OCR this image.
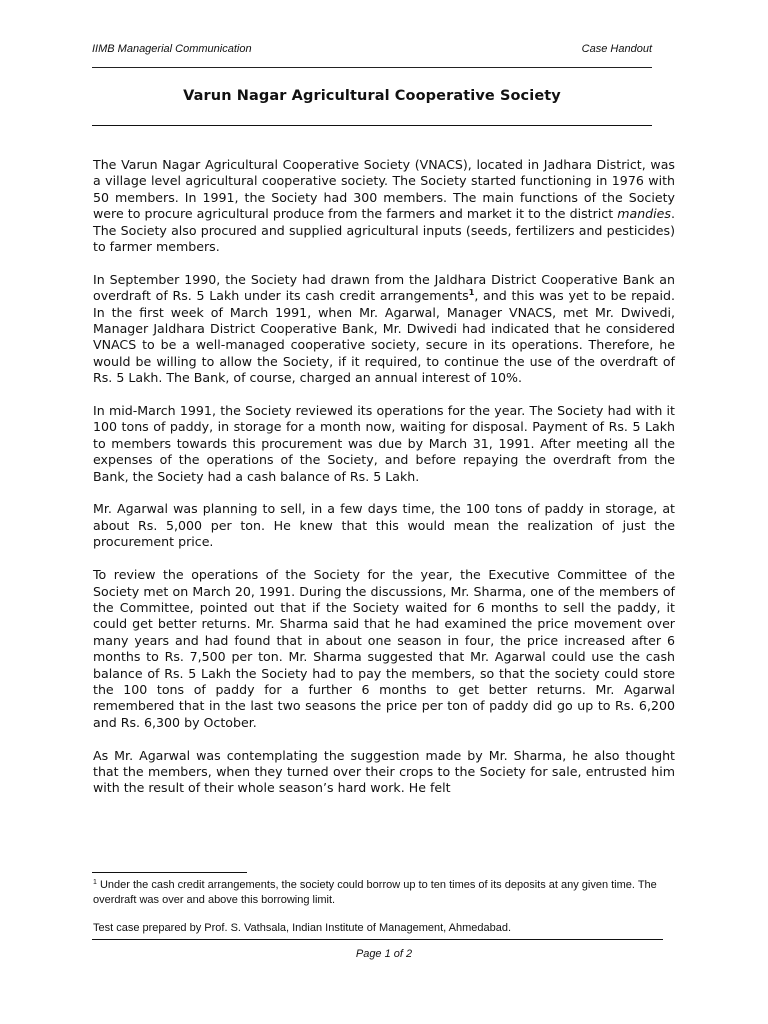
IIMB Managerial Communication	Case Handout
Varun Nagar Agricultural Cooperative Society

The Varun Nagar Agricultural Cooperative Society (VNACS), located in Jadhara District, was a village level agricultural cooperative society. The Society started functioning in 1976 with 50 members. In 1991, the Society had 300 members. The main functions of the Society were to procure agricultural produce from the farmers and market it to the district mandies. The Society also procured and supplied agricultural inputs (seeds, fertilizers and pesticides) to farmer members.

In September 1990, the Society had drawn from the Jaldhara District Cooperative Bank an overdraft of Rs. 5 Lakh under its cash credit arrangements$^1$, and this was yet to be repaid. In the first week of March 1991, when Mr. Agarwal, Manager VNACS, met Mr. Dwivedi, Manager Jaldhara District Cooperative Bank, Mr. Dwivedi had indicated that he considered VNACS to be a well-managed cooperative society, secure in its operations. Therefore, he would be willing to allow the Society, if it required, to continue the use of the overdraft of Rs. 5 Lakh. The Bank, of course, charged an annual interest of 10%.

In mid-March 1991, the Society reviewed its operations for the year. The Society had with it 100 tons of paddy, in storage for a month now, waiting for disposal. Payment of Rs. 5 Lakh to members towards this procurement was due by March 31, 1991. After meeting all the expenses of the operations of the Society, and before repaying the overdraft from the Bank, the Society had a cash balance of Rs. 5 Lakh.

Mr. Agarwal was planning to sell, in a few days time, the 100 tons of paddy in storage, at about Rs. 5,000 per ton. He knew that this would mean the realization of just the procurement price.

To review the operations of the Society for the year, the Executive Committee of the Society met on March 20, 1991. During the discussions, Mr. Sharma, one of the members of the Committee, pointed out that if the Society waited for 6 months to sell the paddy, it could get better returns. Mr. Sharma said that he had examined the price movement over many years and had found that in about one season in four, the price increased after 6 months to Rs. 7,500 per ton. Mr. Sharma suggested that Mr. Agarwal could use the cash balance of Rs. 5 Lakh the Society had to pay the members, so that the society could store the 100 tons of paddy for a further 6 months to get better returns. Mr. Agarwal remembered that in the last two seasons the price per ton of paddy did go up to Rs. 6,200 and Rs. 6,300 by October.

As Mr. Agarwal was contemplating the suggestion made by Mr. Sharma, he also thought that the members, when they turned over their crops to the Society for sale, entrusted him with the result of their whole season’s hard work. He felt

$^1$ Under the cash credit arrangements, the society could borrow up to ten times of its deposits at any given time. The overdraft was over and above this borrowing limit.
Test case prepared by Prof. S. Vathsala, Indian Institute of Management, Ahmedabad.
Page 1 of 2
